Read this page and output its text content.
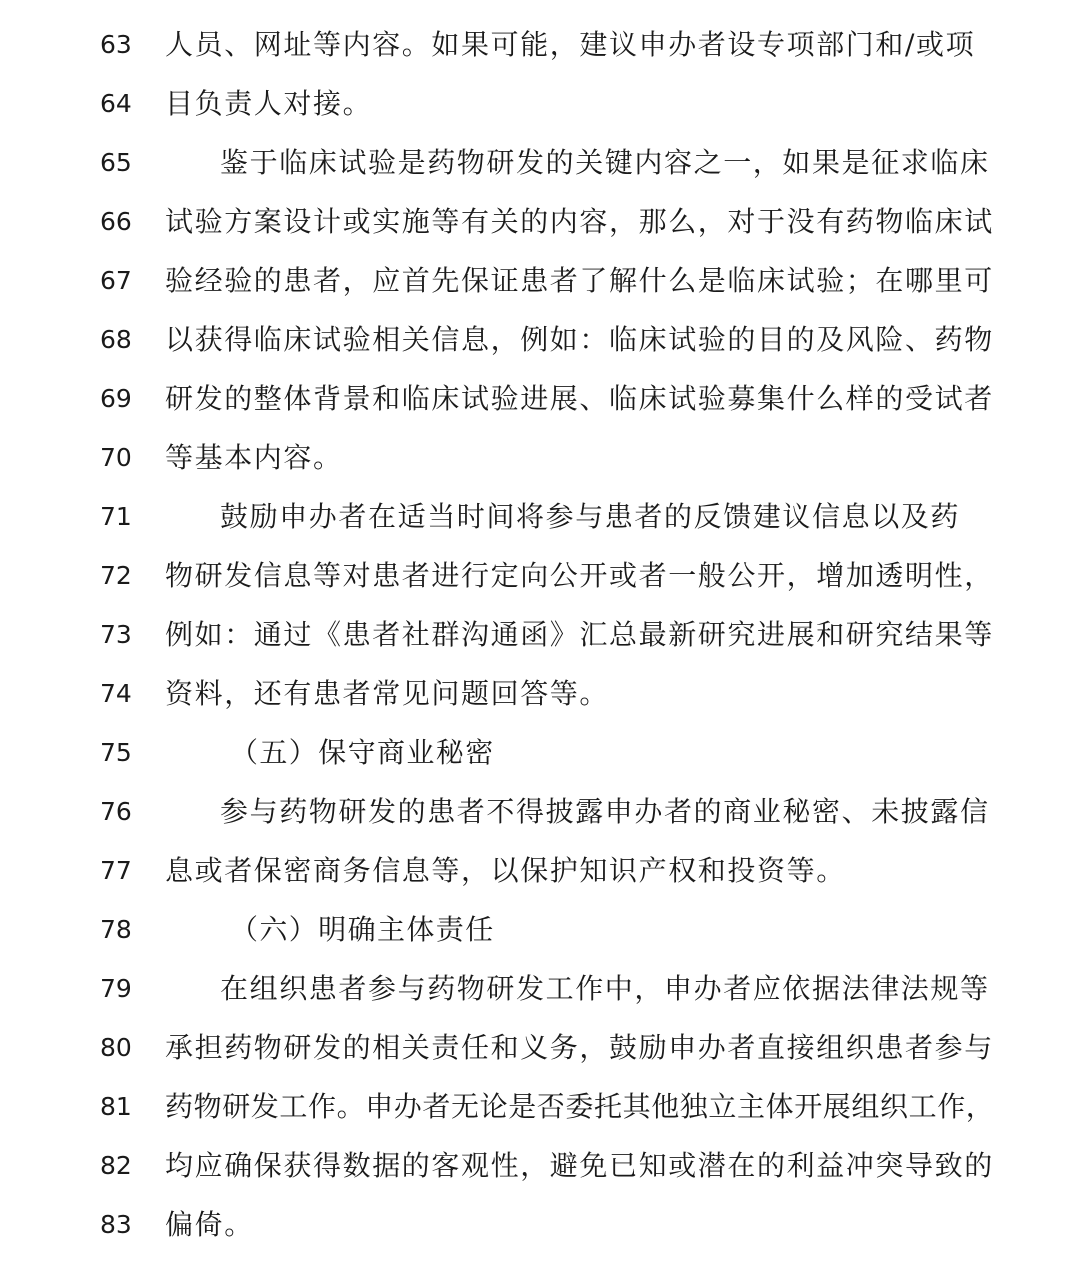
63 人员、网址等内容。如果可能，建议申办者设专项部门和/或项
64 目负责人对接。
65	鉴于临床试验是药物研发的关键内容之一，如果是征求临床
66 试验方案设计或实施等有关的内容，那么，对于没有药物临床试
67 验经验的患者，应首先保证患者了解什么是临床试验；在哪里可
68 以获得临床试验相关信息，例如：临床试验的目的及风险、药物
69 研发的整体背景和临床试验进展、临床试验募集什么样的受试者
70 等基本内容。
71	鼓励申办者在适当时间将参与患者的反馈建议信息以及药
72 物研发信息等对患者进行定向公开或者一般公开，增加透明性，
73 例如：通过《患者社群沟通函》汇总最新研究进展和研究结果等
74 资料，还有患者常见问题回答等。
75	（五）保守商业秘密
76	参与药物研发的患者不得披露申办者的商业秘密、未披露信
77 息或者保密商务信息等，以保护知识产权和投资等。
78	（六）明确主体责任
79	在组织患者参与药物研发工作中，申办者应依据法律法规等
80 承担药物研发的相关责任和义务，鼓励申办者直接组织患者参与
81 药物研发工作。申办者无论是否委托其他独立主体开展组织工作，
82 均应确保获得数据的客观性，避免已知或潜在的利益冲突导致的
83 偏倚。
